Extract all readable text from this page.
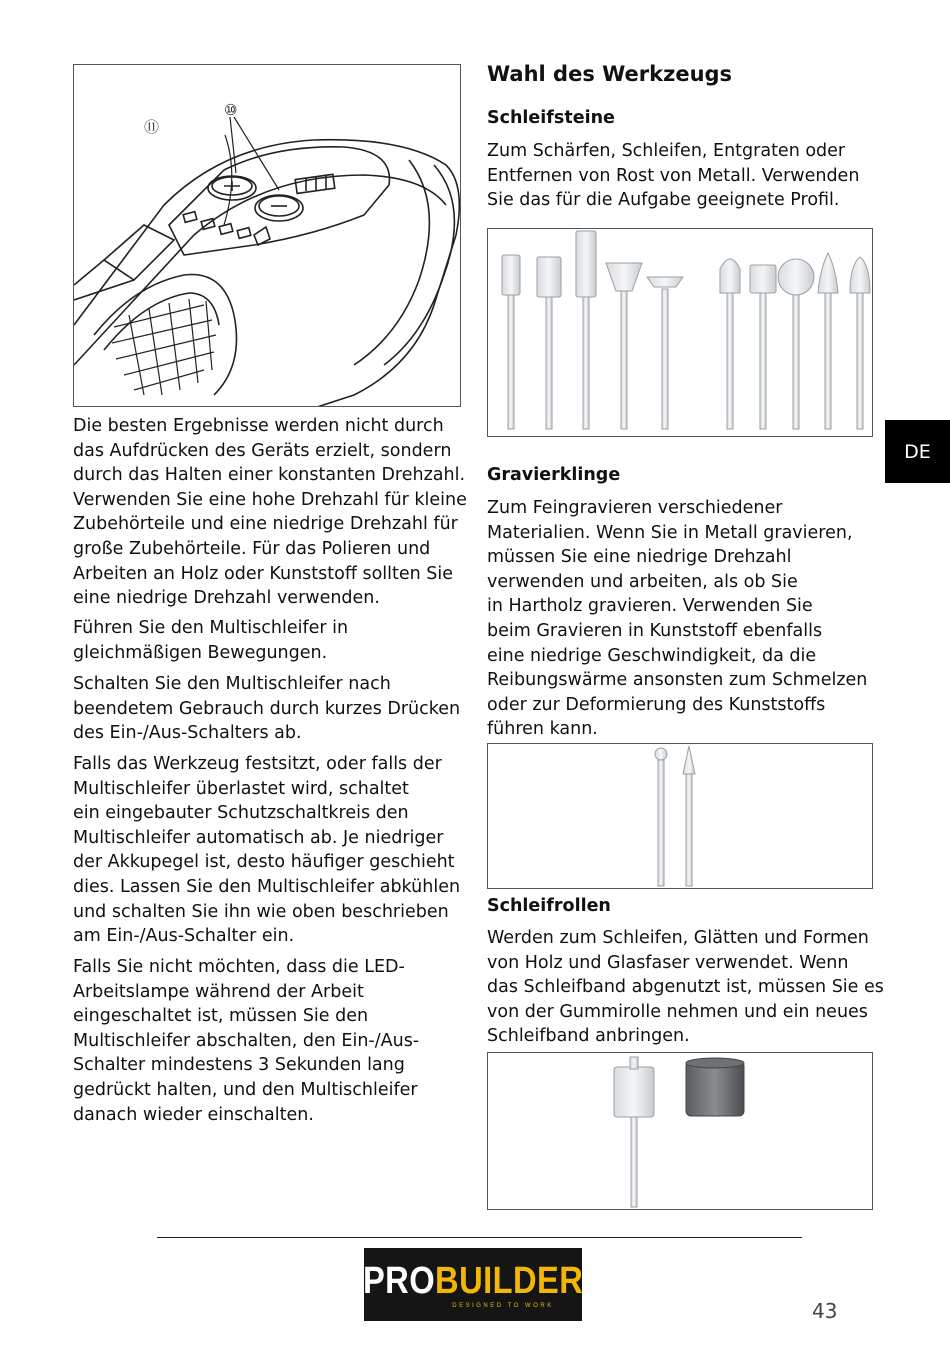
⑩
⑪
Die besten Ergebnisse werden nicht durch
das Aufdrücken des Geräts erzielt, sondern
durch das Halten einer konstanten Drehzahl.
Verwenden Sie eine hohe Drehzahl für kleine
Zubehörteile und eine niedrige Drehzahl für
große Zubehörteile. Für das Polieren und
Arbeiten an Holz oder Kunststoff sollten Sie
eine niedrige Drehzahl verwenden.
Führen Sie den Multischleifer in
gleichmäßigen Bewegungen.
Schalten Sie den Multischleifer nach
beendetem Gebrauch durch kurzes Drücken
des Ein-/Aus-Schalters ab.
Falls das Werkzeug festsitzt, oder falls der
Multischleifer überlastet wird, schaltet
ein eingebauter Schutzschaltkreis den
Multischleifer automatisch ab. Je niedriger
der Akkupegel ist, desto häufiger geschieht
dies. Lassen Sie den Multischleifer abkühlen
und schalten Sie ihn wie oben beschrieben
am Ein-/Aus-Schalter ein.
Falls Sie nicht möchten, dass die LED-
Arbeitslampe während der Arbeit
eingeschaltet ist, müssen Sie den
Multischleifer abschalten, den Ein-/Aus-
Schalter mindestens 3 Sekunden lang
gedrückt halten, und den Multischleifer
danach wieder einschalten.
Wahl des Werkzeugs
Schleifsteine
Zum Schärfen, Schleifen, Entgraten oder
Entfernen von Rost von Metall. Verwenden
Sie das für die Aufgabe geeignete Profil.
DE
Gravierklinge
Zum Feingravieren verschiedener
Materialien. Wenn Sie in Metall gravieren,
müssen Sie eine niedrige Drehzahl
verwenden und arbeiten, als ob Sie
in Hartholz gravieren. Verwenden Sie
beim Gravieren in Kunststoff ebenfalls
eine niedrige Geschwindigkeit, da die
Reibungswärme ansonsten zum Schmelzen
oder zur Deformierung des Kunststoffs
führen kann.
Schleifrollen
Werden zum Schleifen, Glätten und Formen
von Holz und Glasfaser verwendet. Wenn
das Schleifband abgenutzt ist, müssen Sie es
von der Gummirolle nehmen und ein neues
Schleifband anbringen.
PROBUILDER
DESIGNED TO WORK	43
